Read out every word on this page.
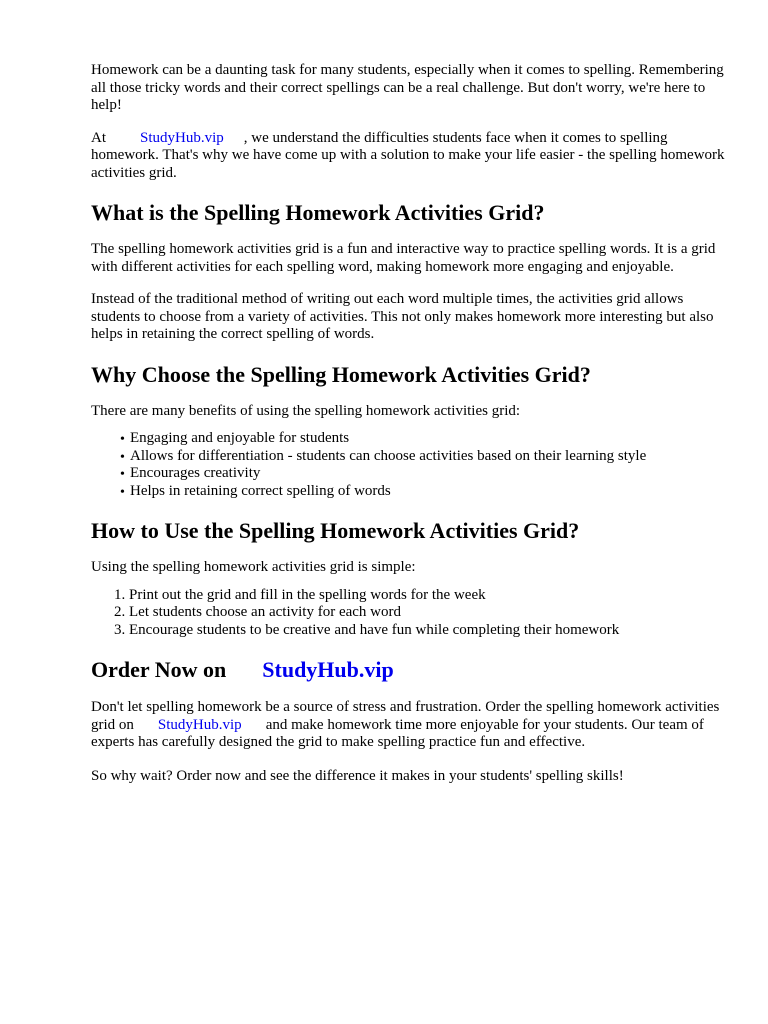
Homework can be a daunting task for many students, especially when it comes to spelling. Remembering all those tricky words and their correct spellings can be a real challenge. But don't worry, we're here to help!

At StudyHub.vip , we understand the difficulties students face when it comes to spelling homework. That's why we have come up with a solution to make your life easier - the spelling homework activities grid.

What is the Spelling Homework Activities Grid?

The spelling homework activities grid is a fun and interactive way to practice spelling words. It is a grid with different activities for each spelling word, making homework more engaging and enjoyable.

Instead of the traditional method of writing out each word multiple times, the activities grid allows students to choose from a variety of activities. This not only makes homework more interesting but also helps in retaining the correct spelling of words.

Why Choose the Spelling Homework Activities Grid?

There are many benefits of using the spelling homework activities grid:

• Engaging and enjoyable for students
• Allows for differentiation - students can choose activities based on their learning style
• Encourages creativity
• Helps in retaining correct spelling of words
How to Use the Spelling Homework Activities Grid?

Using the spelling homework activities grid is simple:

1. Print out the grid and fill in the spelling words for the week
2. Let students choose an activity for each word
3. Encourage students to be creative and have fun while completing their homework
Order Now on StudyHub.vip

Don't let spelling homework be a source of stress and frustration. Order the spelling homework activities grid on StudyHub.vip and make homework time more enjoyable for your students. Our team of experts has carefully designed the grid to make spelling practice fun and effective.

So why wait? Order now and see the difference it makes in your students' spelling skills!
